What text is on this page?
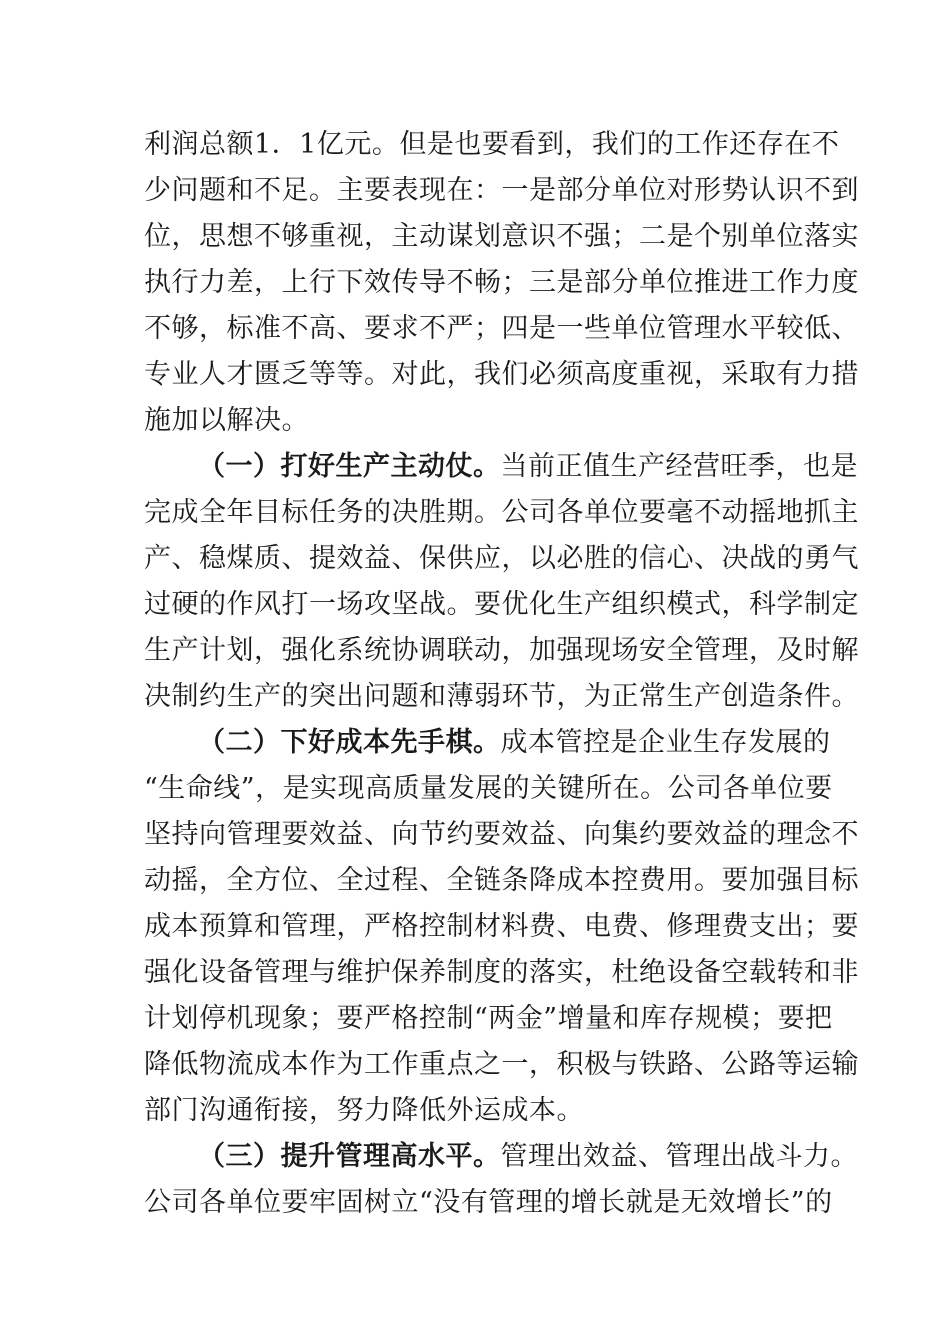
利润总额1．1亿元。但是也要看到，我们的工作还存在不
少问题和不足。主要表现在：一是部分单位对形势认识不到
位，思想不够重视，主动谋划意识不强；二是个别单位落实
执行力差，上行下效传导不畅；三是部分单位推进工作力度
不够，标准不高、要求不严；四是一些单位管理水平较低、
专业人才匮乏等等。对此，我们必须高度重视，采取有力措
施加以解决。
（一）打好生产主动仗。当前正值生产经营旺季，也是
完成全年目标任务的决胜期。公司各单位要毫不动摇地抓主
产、稳煤质、提效益、保供应，以必胜的信心、决战的勇气
过硬的作风打一场攻坚战。要优化生产组织模式，科学制定
生产计划，强化系统协调联动，加强现场安全管理，及时解
决制约生产的突出问题和薄弱环节，为正常生产创造条件。
（二）下好成本先手棋。成本管控是企业生存发展的
“生命线”，是实现高质量发展的关键所在。公司各单位要
坚持向管理要效益、向节约要效益、向集约要效益的理念不
动摇，全方位、全过程、全链条降成本控费用。要加强目标
成本预算和管理，严格控制材料费、电费、修理费支出；要
强化设备管理与维护保养制度的落实，杜绝设备空载转和非
计划停机现象；要严格控制“两金”增量和库存规模；要把
降低物流成本作为工作重点之一，积极与铁路、公路等运输
部门沟通衔接，努力降低外运成本。
（三）提升管理高水平。管理出效益、管理出战斗力。
公司各单位要牢固树立“没有管理的增长就是无效增长”的
